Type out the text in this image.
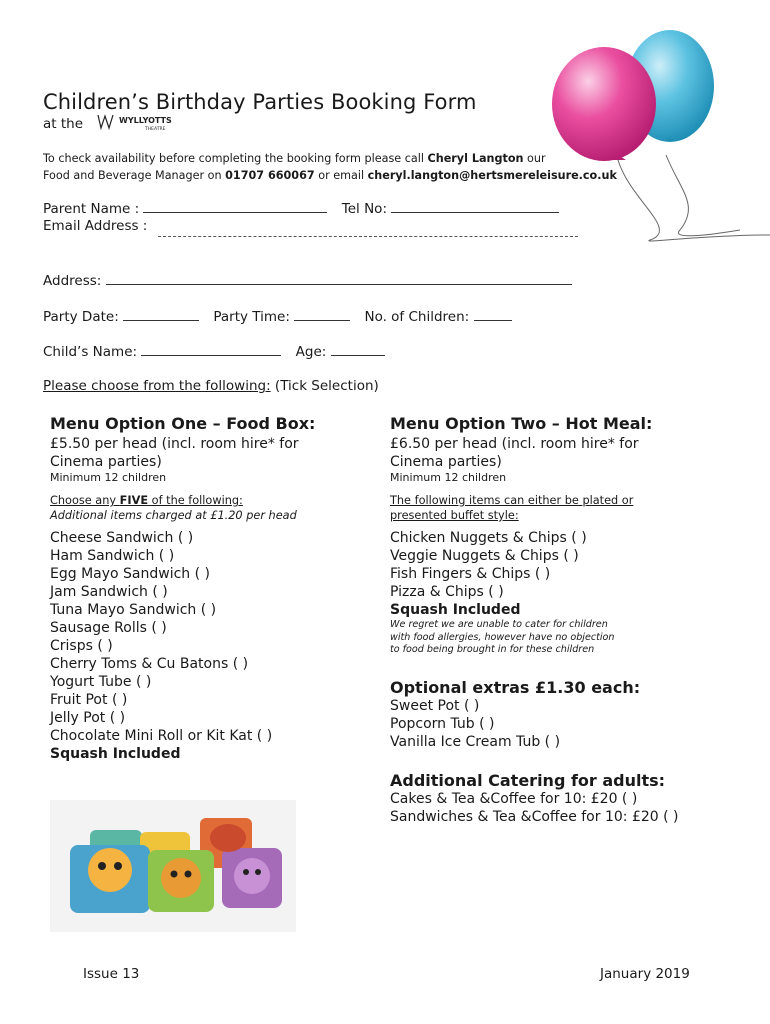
Children’s Birthday Parties Booking Form
at the	WYLLYOTTS
THEATRE
To check availability before completing the booking form please call Cheryl Langton our
Food and Beverage Manager on 01707 660067 or email cheryl.langton@hertsmereleisure.co.uk
Parent Name :	Tel No:
Email Address :
Address:
Party Date:	Party Time:	No. of Children:
Child’s Name:	Age:
Please choose from the following: (Tick Selection)
Menu Option One – Food Box:
£5.50 per head (incl. room hire* for Cinema parties)
Minimum 12 children
Choose any FIVE of the following:
Additional items charged at £1.20 per head
Cheese Sandwich ( )
Ham Sandwich ( )
Egg Mayo Sandwich ( )
Jam Sandwich ( )
Tuna Mayo Sandwich ( )
Sausage Rolls ( )
Crisps ( )
Cherry Toms & Cu Batons ( )
Yogurt Tube ( )
Fruit Pot ( )
Jelly Pot ( )
Chocolate Mini Roll or Kit Kat ( )
Squash Included
Menu Option Two – Hot Meal:
£6.50 per head (incl. room hire* for Cinema parties)
Minimum 12 children
The following items can either be plated or
presented buffet style:
Chicken Nuggets & Chips ( )
Veggie Nuggets & Chips ( )
Fish Fingers & Chips ( )
Pizza & Chips ( )
Squash Included
We regret we are unable to cater for children
with food allergies, however have no objection
to food being brought in for these children
Optional extras £1.30 each:
Sweet Pot ( )
Popcorn Tub ( )
Vanilla Ice Cream Tub ( )
Additional Catering for adults:
Cakes & Tea &Coffee for 10: £20 ( )
Sandwiches & Tea &Coffee for 10: £20 ( )
Issue 13	January 2019
